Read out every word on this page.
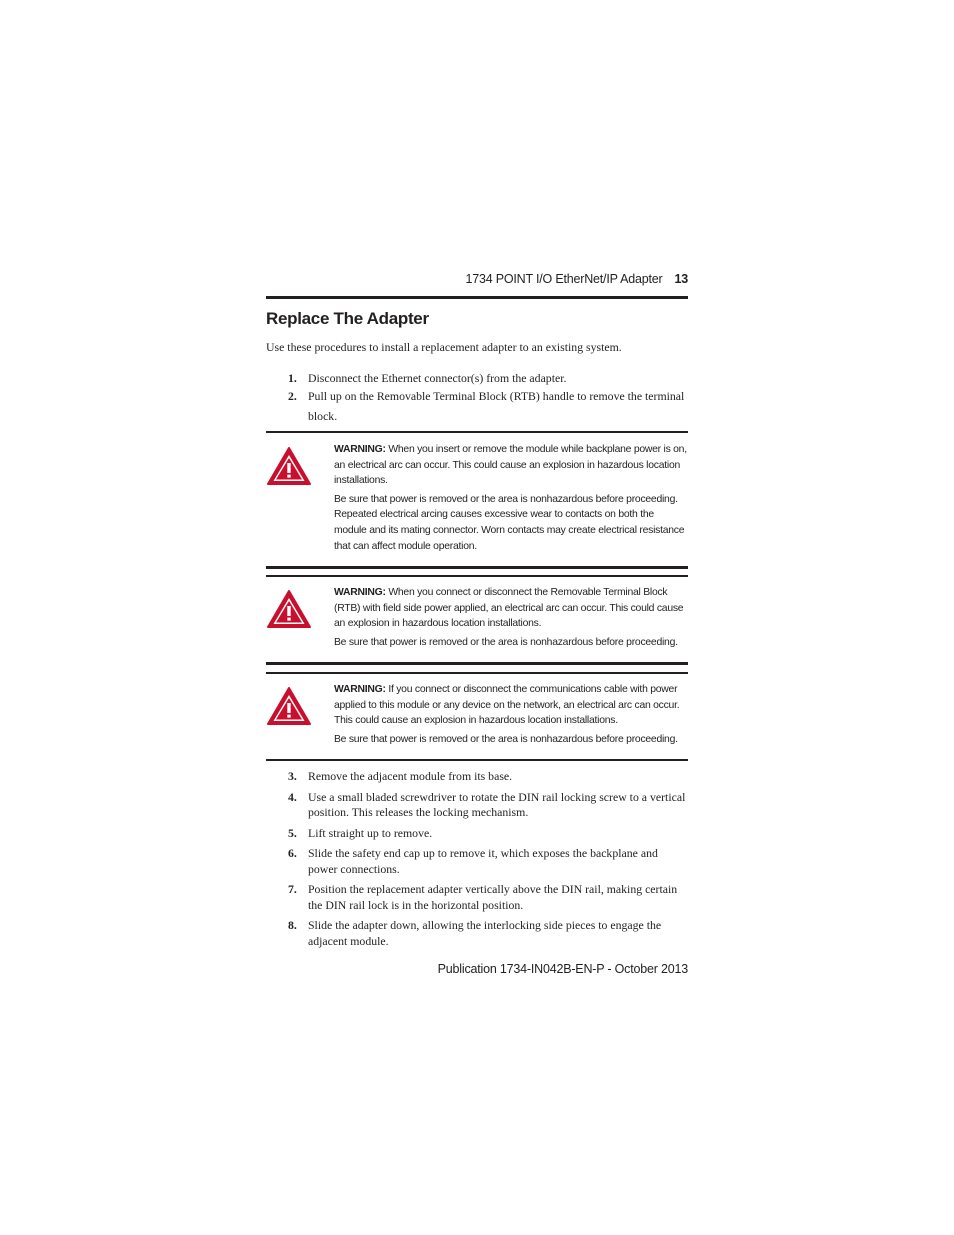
1734 POINT I/O EtherNet/IP Adapter 13
Replace The Adapter
Use these procedures to install a replacement adapter to an existing system.
1. Disconnect the Ethernet connector(s) from the adapter.
2. Pull up on the Removable Terminal Block (RTB) handle to remove the terminal block.

WARNING: When you insert or remove the module while backplane power is on, an electrical arc can occur. This could cause an explosion in hazardous location installations.

Be sure that power is removed or the area is nonhazardous before proceeding. Repeated electrical arcing causes excessive wear to contacts on both the module and its mating connector. Worn contacts may create electrical resistance that can affect module operation.

WARNING: When you connect or disconnect the Removable Terminal Block (RTB) with field side power applied, an electrical arc can occur. This could cause an explosion in hazardous location installations.

Be sure that power is removed or the area is nonhazardous before proceeding.

WARNING: If you connect or disconnect the communications cable with power applied to this module or any device on the network, an electrical arc can occur. This could cause an explosion in hazardous location installations.

Be sure that power is removed or the area is nonhazardous before proceeding.

3. Remove the adjacent module from its base.
4. Use a small bladed screwdriver to rotate the DIN rail locking screw to a vertical position. This releases the locking mechanism.
5. Lift straight up to remove.
6. Slide the safety end cap up to remove it, which exposes the backplane and power connections.
7. Position the replacement adapter vertically above the DIN rail, making certain the DIN rail lock is in the horizontal position.
8. Slide the adapter down, allowing the interlocking side pieces to engage the adjacent module.
Publication 1734-IN042B-EN-P - October 2013
